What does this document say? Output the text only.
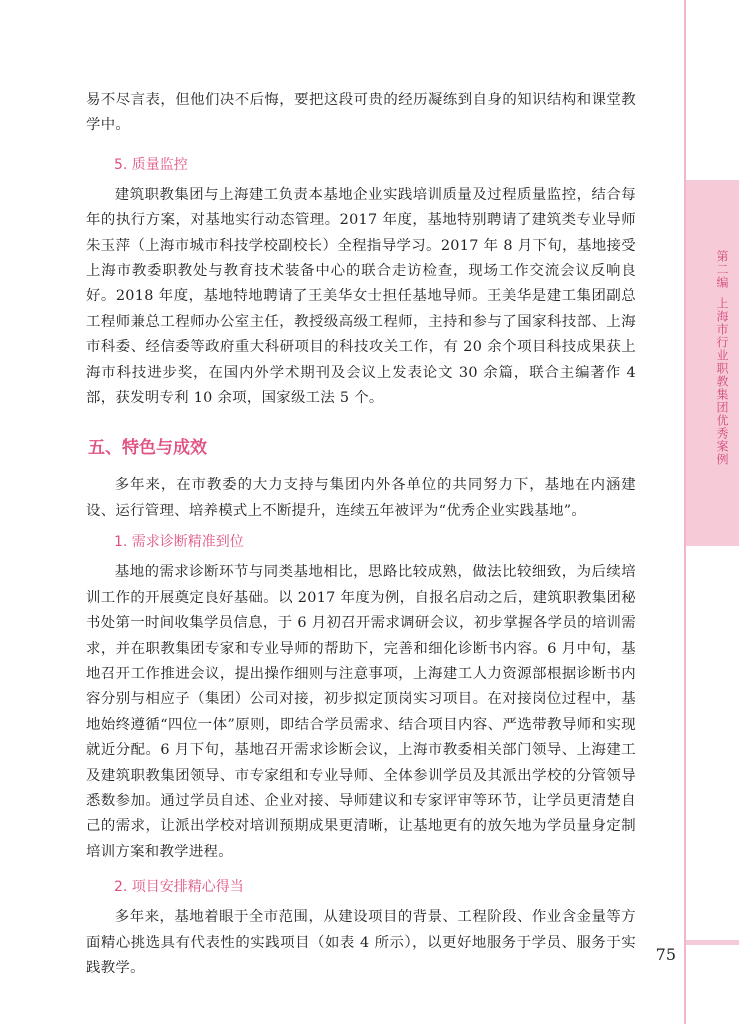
第二编上海市行业职教集团优秀案例

易不尽言表，但他们决不后悔，要把这段可贵的经历凝练到自身的知识结构和课堂教学中。

5. 质量监控

建筑职教集团与上海建工负责本基地企业实践培训质量及过程质量监控，结合每年的执行方案，对基地实行动态管理。2017 年度，基地特别聘请了建筑类专业导师朱玉萍（上海市城市科技学校副校长）全程指导学习。2017 年 8 月下旬，基地接受上海市教委职教处与教育技术装备中心的联合走访检查，现场工作交流会议反响良好。2018 年度，基地特地聘请了王美华女士担任基地导师。王美华是建工集团副总工程师兼总工程师办公室主任，教授级高级工程师，主持和参与了国家科技部、上海市科委、经信委等政府重大科研项目的科技攻关工作，有 20 余个项目科技成果获上海市科技进步奖，在国内外学术期刊及会议上发表论文 30 余篇，联合主编著作 4 部，获发明专利 10 余项，国家级工法 5 个。

五、特色与成效

多年来，在市教委的大力支持与集团内外各单位的共同努力下，基地在内涵建设、运行管理、培养模式上不断提升，连续五年被评为“优秀企业实践基地”。

1. 需求诊断精准到位

基地的需求诊断环节与同类基地相比，思路比较成熟，做法比较细致，为后续培训工作的开展奠定良好基础。以 2017 年度为例，自报名启动之后，建筑职教集团秘书处第一时间收集学员信息，于 6 月初召开需求调研会议，初步掌握各学员的培训需求，并在职教集团专家和专业导师的帮助下，完善和细化诊断书内容。6 月中旬，基地召开工作推进会议，提出操作细则与注意事项，上海建工人力资源部根据诊断书内容分别与相应子（集团）公司对接，初步拟定顶岗实习项目。在对接岗位过程中，基地始终遵循“四位一体”原则，即结合学员需求、结合项目内容、严选带教导师和实现就近分配。6 月下旬，基地召开需求诊断会议，上海市教委相关部门领导、上海建工及建筑职教集团领导、市专家组和专业导师、全体参训学员及其派出学校的分管领导悉数参加。通过学员自述、企业对接、导师建议和专家评审等环节，让学员更清楚自己的需求，让派出学校对培训预期成果更清晰，让基地更有的放矢地为学员量身定制培训方案和教学进程。

2. 项目安排精心得当

多年来，基地着眼于全市范围，从建设项目的背景、工程阶段、作业含金量等方面精心挑选具有代表性的实践项目（如表 4 所示），以更好地服务于学员、服务于实践教学。

75
